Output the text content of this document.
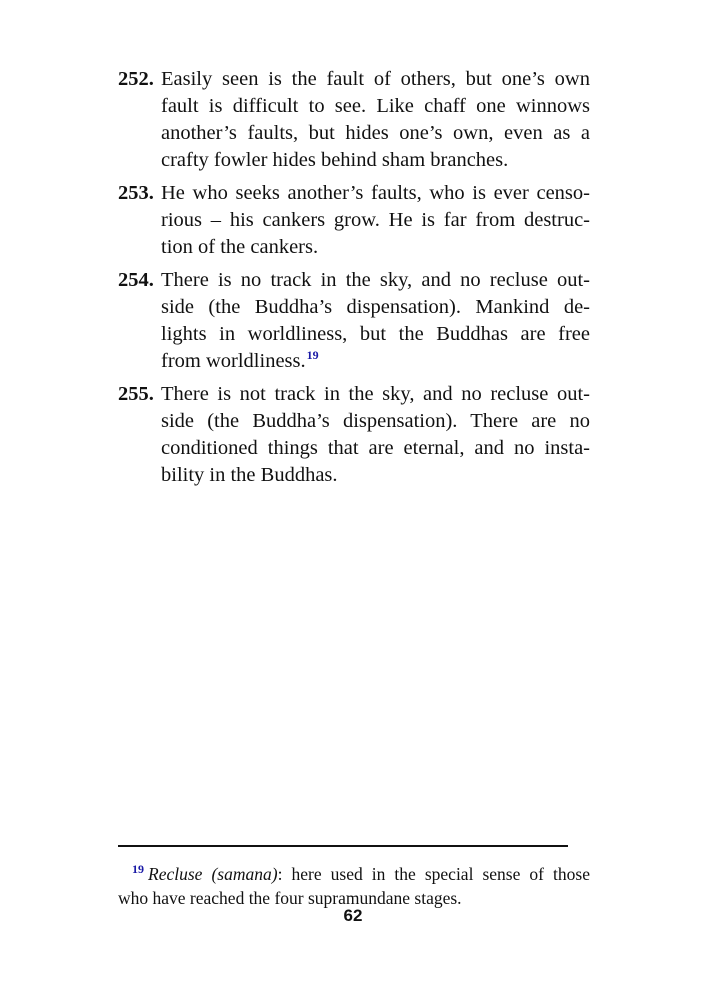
252. Easily seen is the fault of others, but one’s own
fault is difficult to see. Like chaff one winnows
another’s faults, but hides one’s own, even as a
crafty fowler hides behind sham branches.
253. He who seeks another’s faults, who is ever censo-
rious – his cankers grow. He is far from destruc-
tion of the cankers.
254. There is no track in the sky, and no recluse out-
side (the Buddha’s dispensation). Mankind de-
lights in worldliness, but the Buddhas are free
from worldliness.$^{19}$
255. There is not track in the sky, and no recluse out-
side (the Buddha’s dispensation). There are no
conditioned things that are eternal, and no insta-
bility in the Buddhas.
$^{19}$ Recluse (samana): here used in the special sense of those
who have reached the four supramundane stages.
62
